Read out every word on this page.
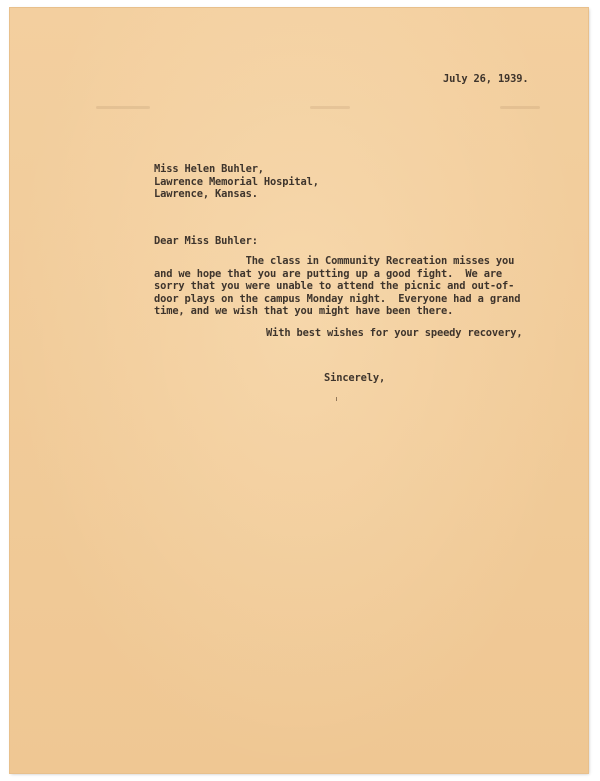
July 26, 1939.
Miss Helen Buhler,
Lawrence Memorial Hospital,
Lawrence, Kansas.
Dear Miss Buhler:
The class in Community Recreation misses you
and we hope that you are putting up a good fight.  We are
sorry that you were unable to attend the picnic and out-of-
door plays on the campus Monday night.  Everyone had a grand
time, and we wish that you might have been there.
With best wishes for your speedy recovery,
Sincerely,
